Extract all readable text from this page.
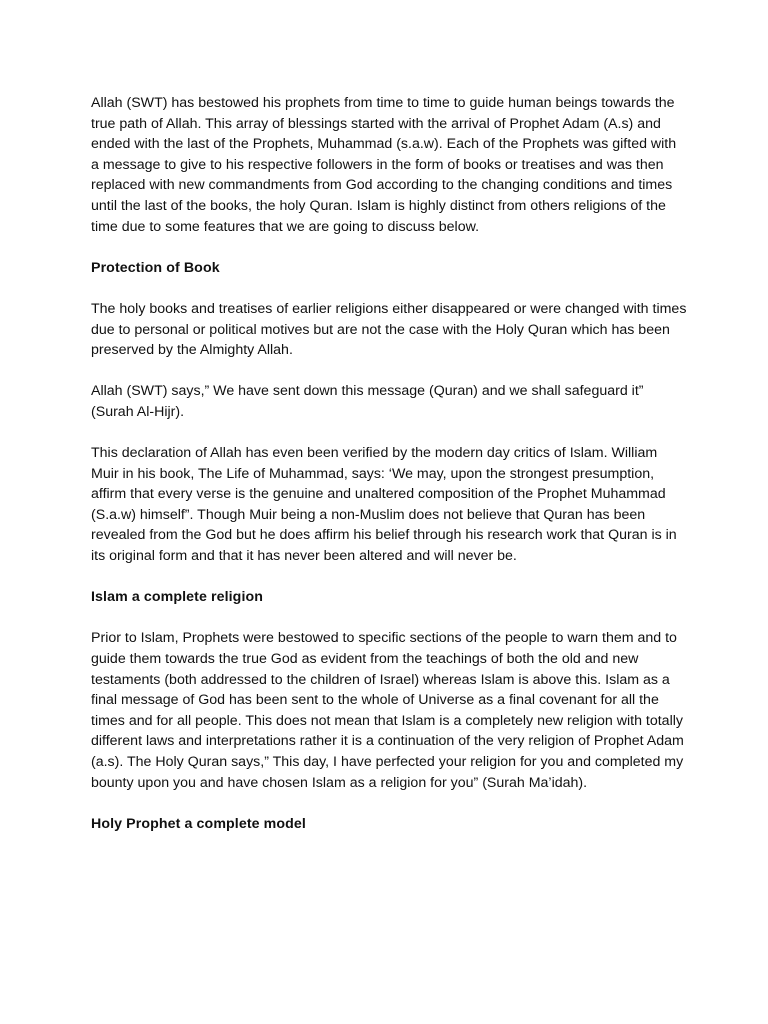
Allah (SWT) has bestowed his prophets from time to time to guide human beings towards the true path of Allah. This array of blessings started with the arrival of Prophet Adam (A.s) and ended with the last of the Prophets, Muhammad (s.a.w). Each of the Prophets was gifted with a message to give to his respective followers in the form of books or treatises and was then replaced with new commandments from God according to the changing conditions and times until the last of the books, the holy Quran. Islam is highly distinct from others religions of the time due to some features that we are going to discuss below.

Protection of Book

The holy books and treatises of earlier religions either disappeared or were changed with times due to personal or political motives but are not the case with the Holy Quran which has been preserved by the Almighty Allah.

Allah (SWT) says,” We have sent down this message (Quran) and we shall safeguard it” (Surah Al-Hijr).

This declaration of Allah has even been verified by the modern day critics of Islam. William Muir in his book, The Life of Muhammad, says: ‘We may, upon the strongest presumption, affirm that every verse is the genuine and unaltered composition of the Prophet Muhammad (S.a.w) himself”. Though Muir being a non-Muslim does not believe that Quran has been revealed from the God but he does affirm his belief through his research work that Quran is in its original form and that it has never been altered and will never be.

Islam a complete religion

Prior to Islam, Prophets were bestowed to specific sections of the people to warn them and to guide them towards the true God as evident from the teachings of both the old and new testaments (both addressed to the children of Israel) whereas Islam is above this. Islam as a final message of God has been sent to the whole of Universe as a final covenant for all the times and for all people. This does not mean that Islam is a completely new religion with totally different laws and interpretations rather it is a continuation of the very religion of Prophet Adam (a.s). The Holy Quran says,” This day, I have perfected your religion for you and completed my bounty upon you and have chosen Islam as a religion for you” (Surah Ma’idah).

Holy Prophet a complete model
